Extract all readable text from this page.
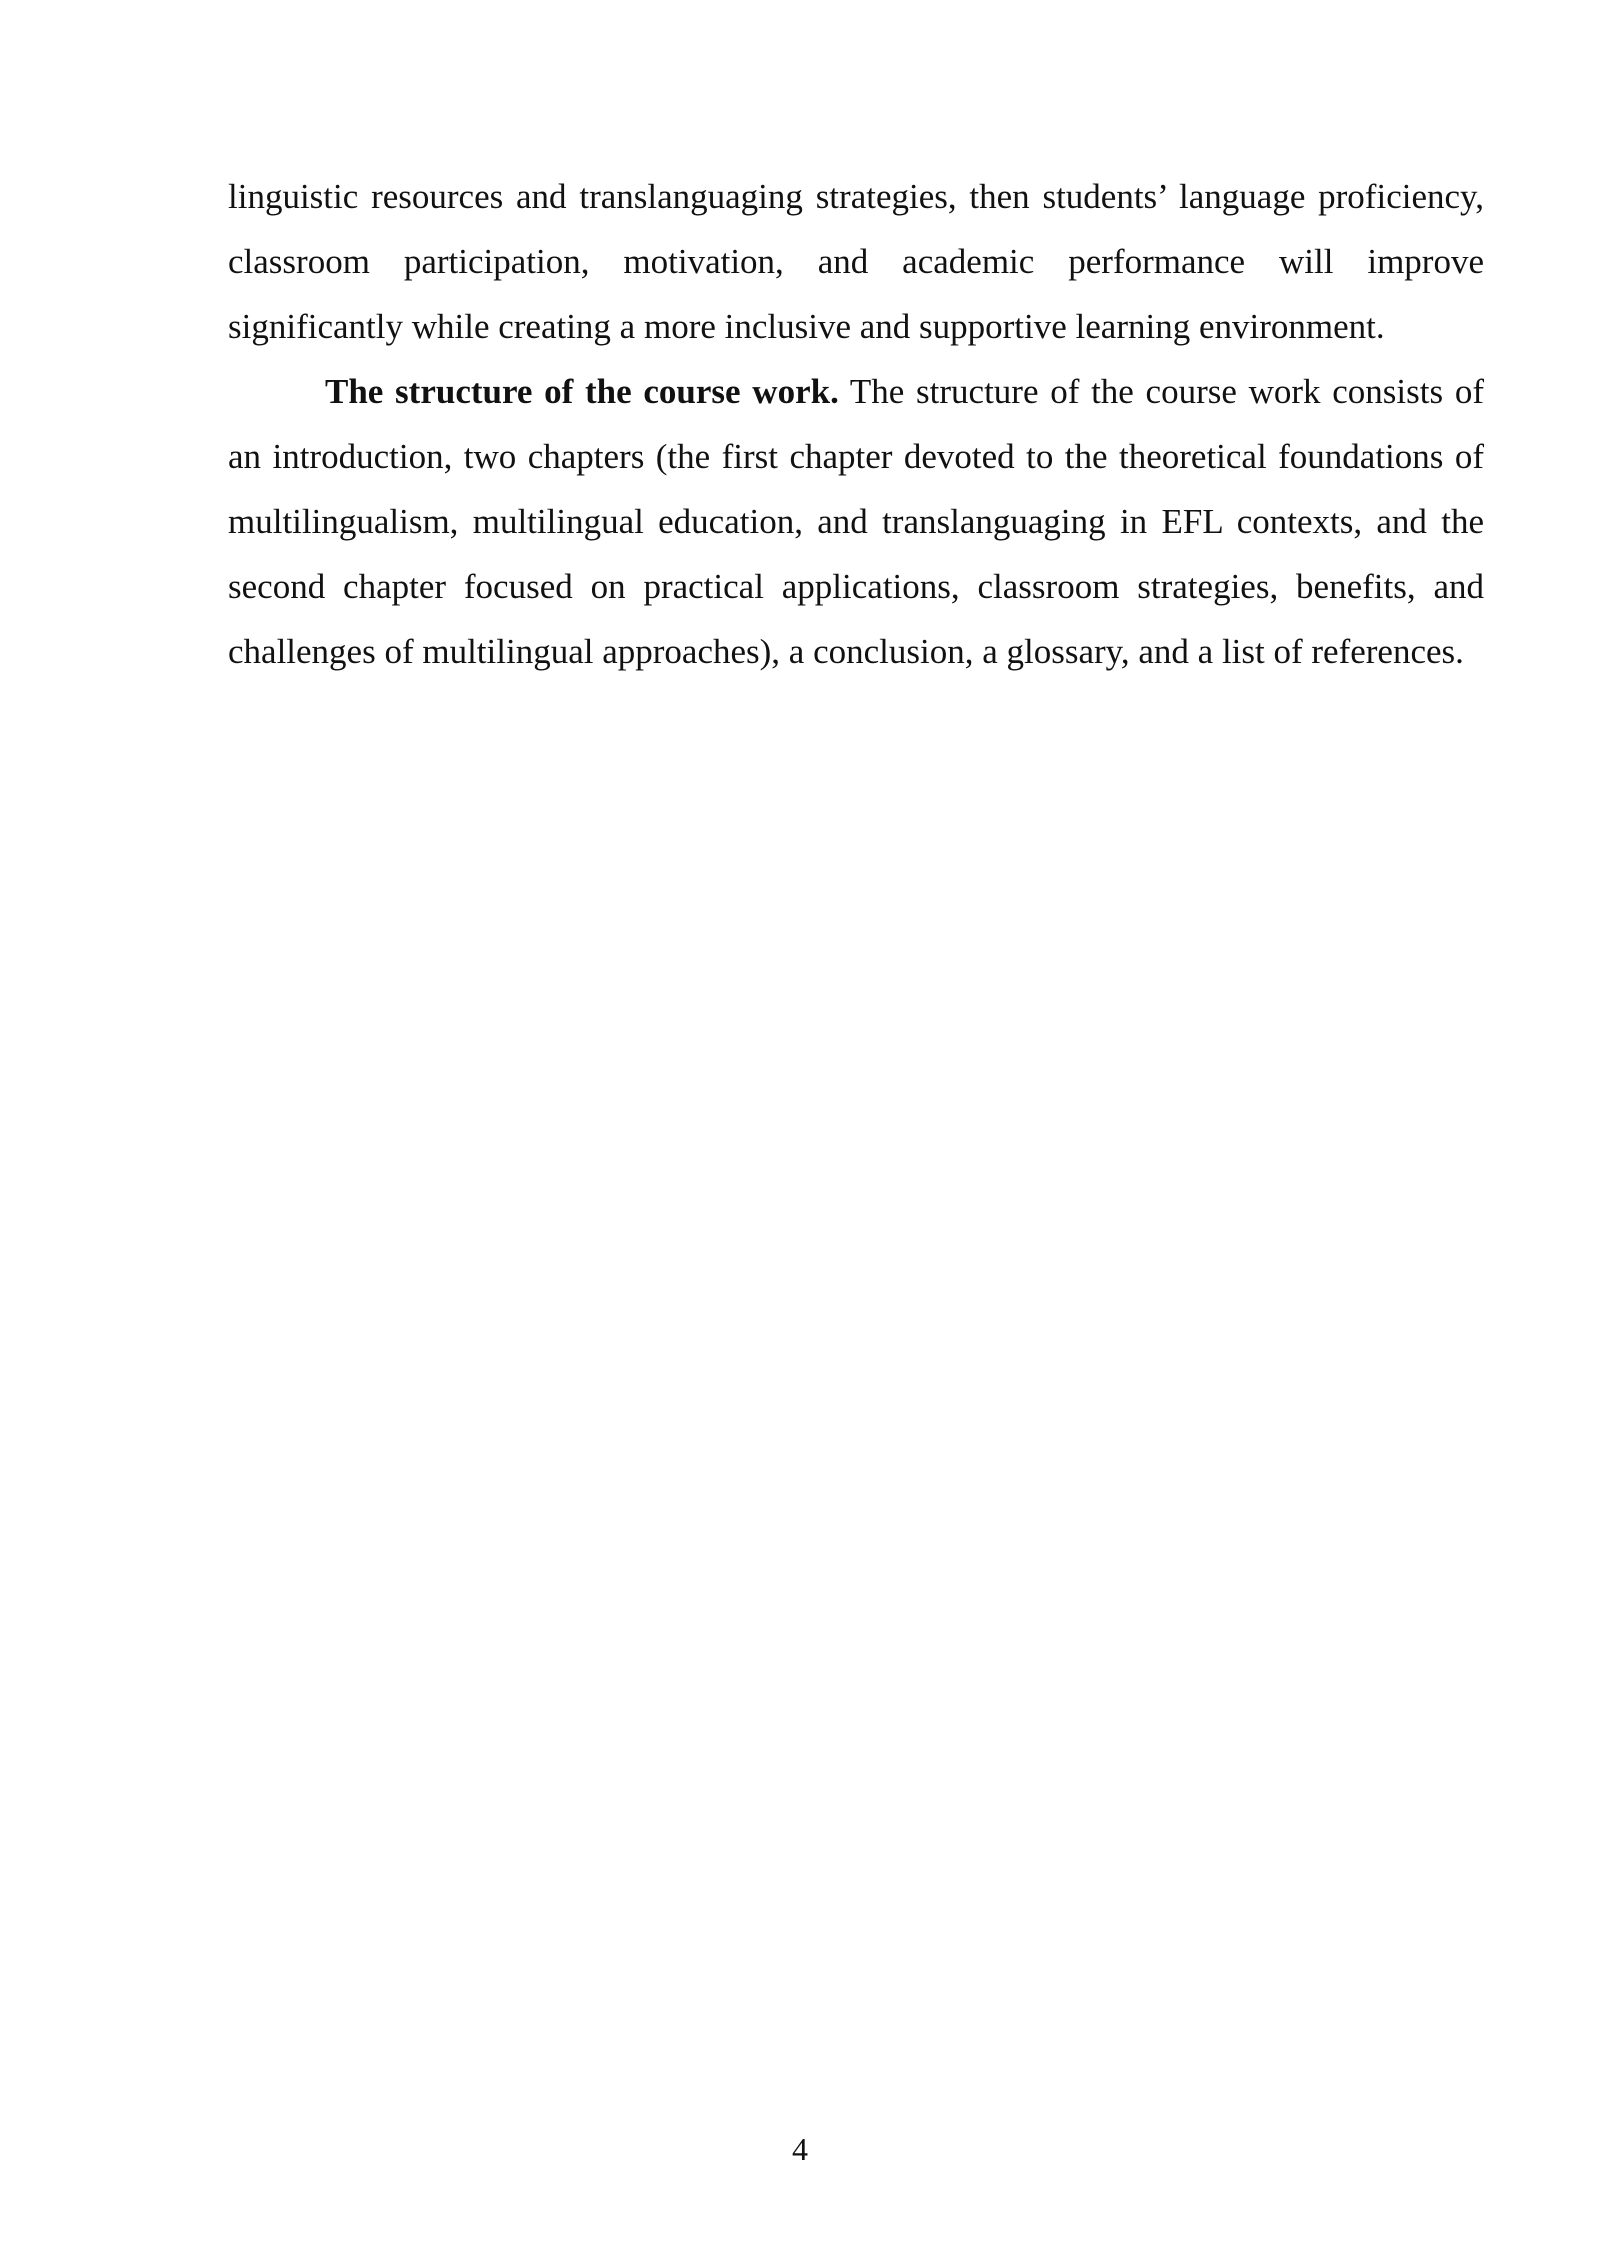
linguistic resources and translanguaging strategies, then students’ language proficiency, classroom participation, motivation, and academic performance will improve significantly while creating a more inclusive and supportive learning environment.

The structure of the course work. The structure of the course work consists of an introduction, two chapters (the first chapter devoted to the theoretical foundations of multilingualism, multilingual education, and translanguaging in EFL contexts, and the second chapter focused on practical applications, classroom strategies, benefits, and challenges of multilingual approaches), a conclusion, a glossary, and a list of references.

4
